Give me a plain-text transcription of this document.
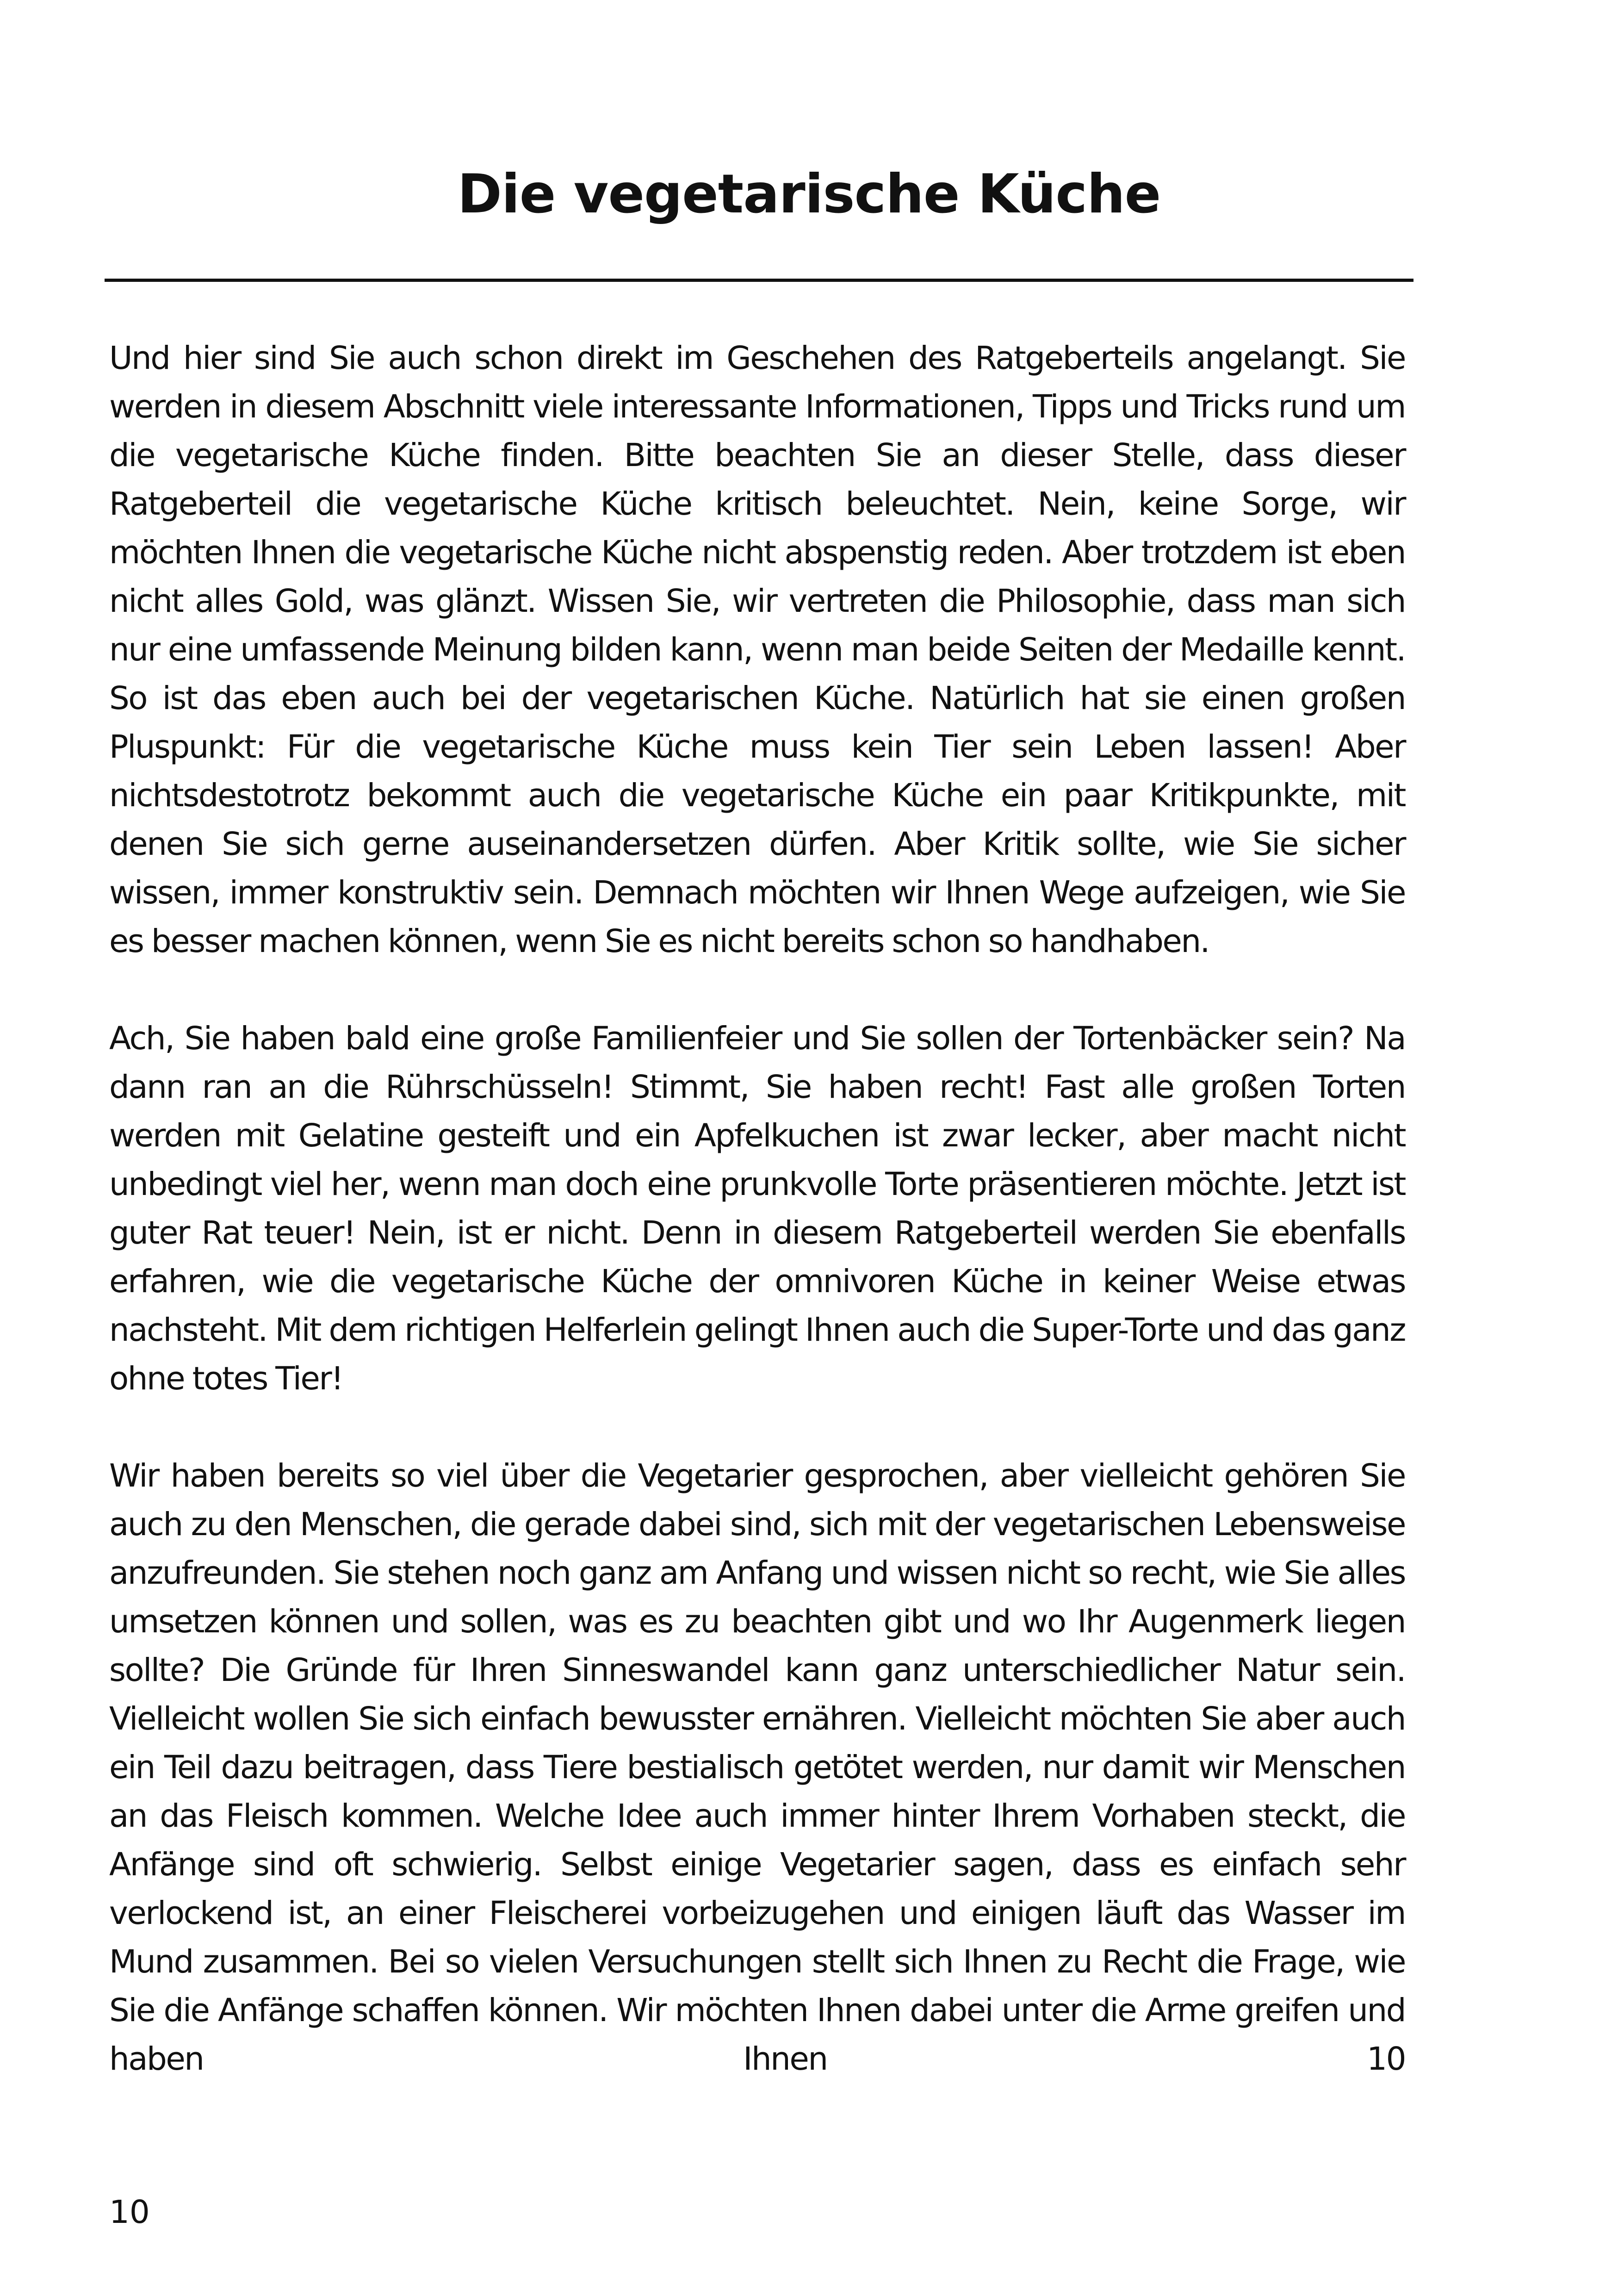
Die vegetarische Küche

Und hier sind Sie auch schon direkt im Geschehen des Ratgeberteils angelangt. Sie werden in diesem Abschnitt viele interessante Informationen, Tipps und Tricks rund um die vegetarische Küche finden. Bitte beachten Sie an dieser Stelle, dass dieser Ratgeberteil die vegetarische Küche kritisch beleuchtet. Nein, keine Sorge, wir möchten Ihnen die vegetarische Küche nicht abspenstig reden. Aber trotzdem ist eben nicht alles Gold, was glänzt. Wissen Sie, wir vertreten die Philosophie, dass man sich nur eine umfassende Meinung bilden kann, wenn man beide Seiten der Medaille kennt. So ist das eben auch bei der vegetarischen Küche. Natürlich hat sie einen großen Pluspunkt: Für die vegetarische Küche muss kein Tier sein Leben lassen! Aber nichtsdestotrotz bekommt auch die vegetarische Küche ein paar Kritikpunkte, mit denen Sie sich gerne auseinandersetzen dürfen. Aber Kritik sollte, wie Sie sicher wissen, immer konstruktiv sein. Demnach möchten wir Ihnen Wege aufzeigen, wie Sie es besser machen können, wenn Sie es nicht bereits schon so handhaben.

Ach, Sie haben bald eine große Familienfeier und Sie sollen der Tortenbäcker sein? Na dann ran an die Rührschüsseln! Stimmt, Sie haben recht! Fast alle großen Torten werden mit Gelatine gesteift und ein Apfelkuchen ist zwar lecker, aber macht nicht unbedingt viel her, wenn man doch eine prunkvolle Torte präsentieren möchte. Jetzt ist guter Rat teuer! Nein, ist er nicht. Denn in diesem Ratgeberteil werden Sie ebenfalls erfahren, wie die vegetarische Küche der omnivoren Küche in keiner Weise etwas nachsteht. Mit dem richtigen Helferlein gelingt Ihnen auch die Super-Torte und das ganz ohne totes Tier!

Wir haben bereits so viel über die Vegetarier gesprochen, aber vielleicht gehören Sie auch zu den Menschen, die gerade dabei sind, sich mit der vegetarischen Lebensweise anzufreunden. Sie stehen noch ganz am Anfang und wissen nicht so recht, wie Sie alles umsetzen können und sollen, was es zu beachten gibt und wo Ihr Augenmerk liegen sollte? Die Gründe für Ihren Sinneswandel kann ganz unterschiedlicher Natur sein. Vielleicht wollen Sie sich einfach bewusster ernähren. Vielleicht möchten Sie aber auch ein Teil dazu beitragen, dass Tiere bestialisch getötet werden, nur damit wir Menschen an das Fleisch kommen. Welche Idee auch immer hinter Ihrem Vorhaben steckt, die Anfänge sind oft schwierig. Selbst einige Vegetarier sagen, dass es einfach sehr verlockend ist, an einer Fleischerei vorbeizugehen und einigen läuft das Wasser im Mund zusammen. Bei so vielen Versuchungen stellt sich Ihnen zu Recht die Frage, wie Sie die Anfänge schaffen können. Wir möchten Ihnen dabei unter die Arme greifen und haben Ihnen 10

10
